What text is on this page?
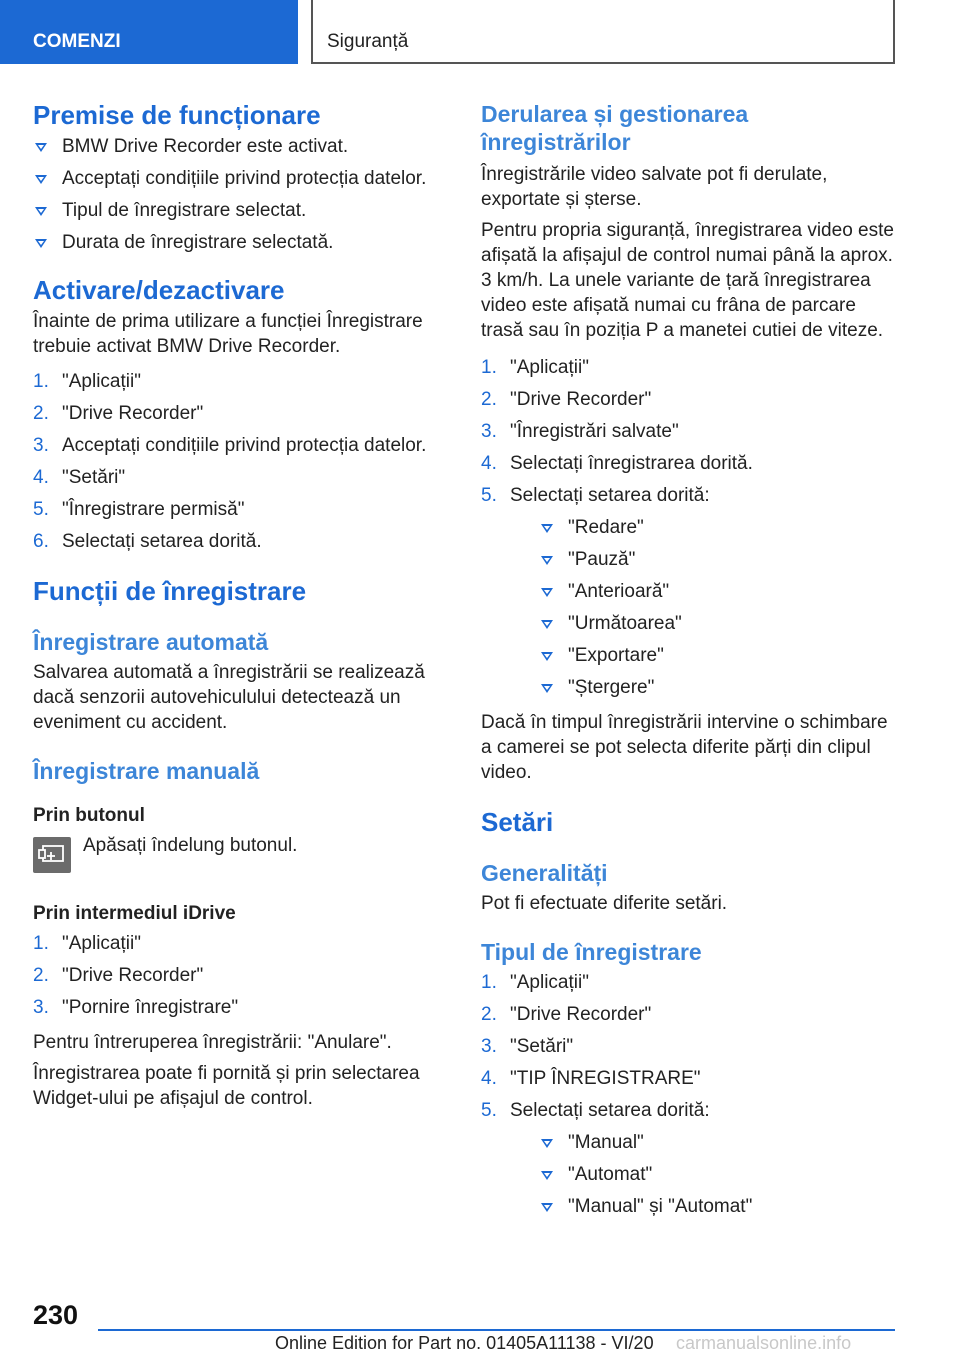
COMENZI	Siguranță
Premise de funcționare
BMW Drive Recorder este activat.
Acceptați condițiile privind protecția datelor.
Tipul de înregistrare selectat.
Durata de înregistrare selectată.
Activare/dezactivare

Înainte de prima utilizare a funcției Înregistrare trebuie activat BMW Drive Recorder.

1. "Aplicații"
2. "Drive Recorder"
3. Acceptați condițiile privind protecția datelor.
4. "Setări"
5. "Înregistrare permisă"
6. Selectați setarea dorită.
Funcții de înregistrare
Înregistrare automată

Salvarea automată a înregistrării se realizează dacă senzorii autovehiculului detectează un eveniment cu accident.

Înregistrare manuală
Prin butonul
Apăsați îndelung butonul.
Prin intermediul iDrive
1. "Aplicații"
2. "Drive Recorder"
3. "Pornire înregistrare"

Pentru întreruperea înregistrării: "Anulare".

Înregistrarea poate fi pornită și prin selectarea Widget-ului pe afișajul de control.

Derularea și gestionarea înregistrărilor

Înregistrările video salvate pot fi derulate, exportate și șterse.

Pentru propria siguranță, înregistrarea video este afișată la afișajul de control numai până la aprox. 3 km/h. La unele variante de țară înregistrarea video este afișată numai cu frâna de parcare trasă sau în poziția P a manetei cutiei de viteze.

1. "Aplicații"
2. "Drive Recorder"
3. "Înregistrări salvate"
4. Selectați înregistrarea dorită.
5. Selectați setarea dorită:
"Redare"
"Pauză"
"Anterioară"
"Următoarea"
"Exportare"
"Ștergere"

Dacă în timpul înregistrării intervine o schimbare a camerei se pot selecta diferite părți din clipul video.

Setări
Generalități

Pot fi efectuate diferite setări.

Tipul de înregistrare
1. "Aplicații"
2. "Drive Recorder"
3. "Setări"
4. "TIP ÎNREGISTRARE"
5. Selectați setarea dorită:
"Manual"
"Automat"
"Manual" și "Automat"
230
Online Edition for Part no. 01405A11138 - VI/20 carmanualsonline.info
